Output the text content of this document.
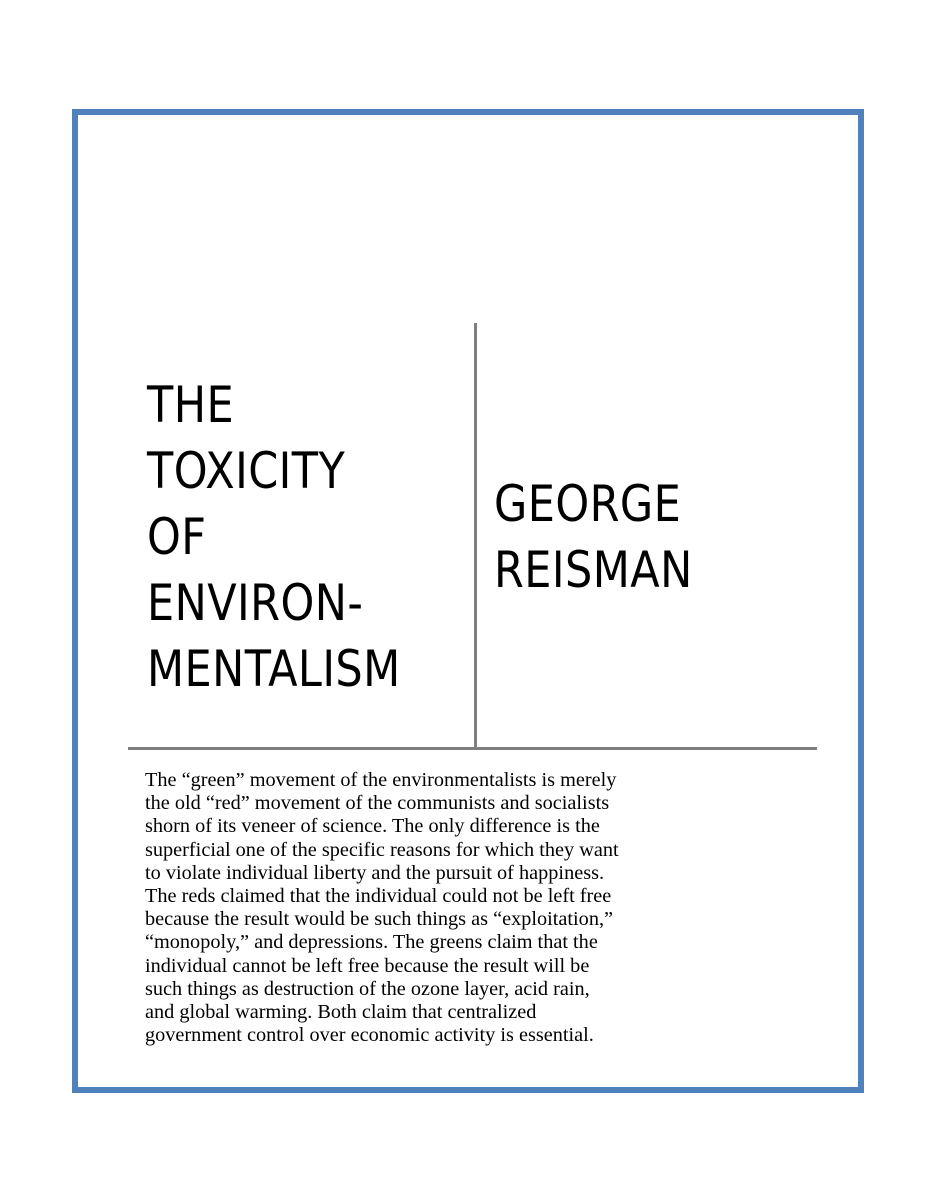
THE
TOXICITY
OF
ENVIRON-
MENTALISM
GEORGE
REISMAN
The “green” movement of the environmentalists is merely
the old “red” movement of the communists and socialists
shorn of its veneer of science. The only difference is the
superficial one of the specific reasons for which they want
to violate individual liberty and the pursuit of happiness.
The reds claimed that the individual could not be left free
because the result would be such things as “exploitation,”
“monopoly,” and depressions. The greens claim that the
individual cannot be left free because the result will be
such things as destruction of the ozone layer, acid rain,
and global warming. Both claim that centralized
government control over economic activity is essential.
